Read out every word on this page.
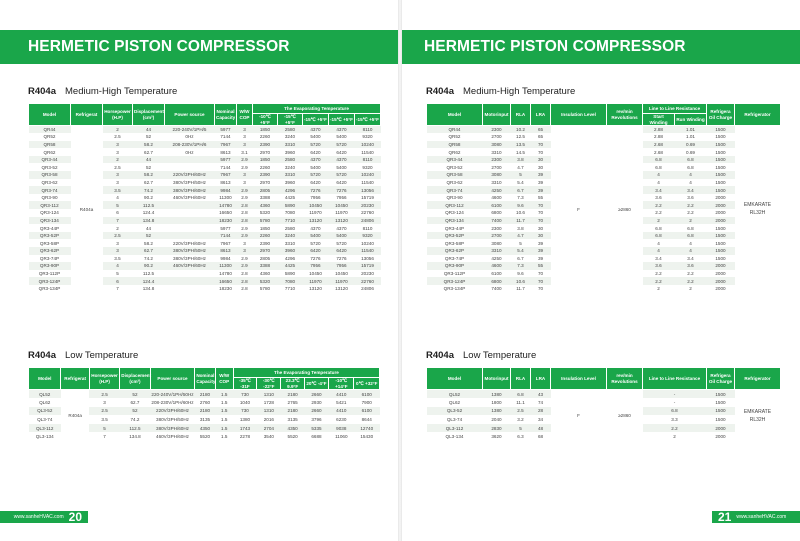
HERMETIC PISTON COMPRESSOR
R404a Medium-High Temperature
Model	Refrigerat	Horsepower (H.P)	Displacement (cm³)	Power source	Nominal Capacity	W/W COP	The Evaporating Temperature				
							-10℃ +5°F	-15℃ +5°F	-15℃ +5°F	-15℃ +5°F	-15℃ +5°F
QR44	R404a	2	44	220-240V/1PH/5	5977	3	1850	2580	4370	4370	8110
QR52		2.5	52	0Hz	7144	3	2260	3240	5400	5400	9320
QR58		3	58.2	208-230V/1PH/6	7967	3	2390	3310	5720	5720	10240
QR62		3	62.7	0Hz	8613	3.1	2970	3960	6420	6420	11540
QR3-44		2	44		5977	2.9	1850	2580	4370	4370	8110
QR3-52		2.5	52		7144	2.9	2260	3240	5400	5400	9320
QR3-58		3	58.2	220V/3PH/60Hz	7967	3	2390	3310	5720	5720	10240
QR3-62		3	62.7	380V/3PH/50Hz	8613	3	2970	3960	6420	6420	11540
QR3-74		3.5	74.2	380V/3PH/60Hz	9984	2.9	2805	4296	7276	7276	13056
QR3-90		4	90.2	460V/3PH/60Hz	11300	2.9	3388	4425	7956	7956	15719
QR3-112		5	112.5		14780	2.8	4360	5890	10450	10450	20230
QR3-124		6	124.4		16650	2.8	5320	7080	11970	11970	22760
QR3-134		7	134.8		18230	2.8	5780	7710	13120	13120	24806
QR3-44P		2	44		5977	2.9	1850	2580	4370	4370	8110
QR3-52P		2.5	52		7144	2.9	2260	3240	5400	5400	9320
QR3-58P		3	58.2	220V/3PH/60Hz	7967	3	2390	3310	5720	5720	10240
QR3-62P		3	62.7	380V/3PH/50Hz	8613	3	2970	3960	6420	6420	11540
QR3-74P		3.5	74.2	380V/3PH/60Hz	9984	2.9	2805	4296	7276	7276	13056
QR3-90P		4	90.2	460V/3PH/60Hz	11300	2.9	3388	4425	7956	7956	15719
QR3-112P		5	112.5		14780	2.8	4360	5890	10450	10450	20230
QR3-124P		6	124.4		16650	2.8	5320	7080	11970	11970	22760
QR3-134P		7	134.8		18230	2.8	5780	7710	13120	13120	24806
R404a Low Temperature
Model	Refrigerat	Horsepower (H.P)	Displacement (cm³)	Power source	Nominal Capacity	W/W COP	The Evaporating Temperature					
							-35℃ -31F	-30℃ -22°F	23.3℃ 9.9°F	20℃ -4°F	-10℃ +14°F	0℃ +32°F
QL52	R404a	2.5	52	220-240V/1PH/50Hz	2180	1.5	730	1310	2180	2660	4410	6100
QL62		3	62.7	208-230V/1PH/60Hz	2760	1.5	1040	1728	2765	2930	5421	7900
QL3-52		2.5	52	220V/3PH/60Hz	2180	1.5	730	1310	2180	2660	4410	6100
QL3-74		3.5	74.2	380V/3PH/50Hz	3135	1.5	1380	2016	3135	3796	6230	8644
QL3-112		5	112.5	380V/3PH/60Hz	4350	1.5	1743	2704	4350	5335	9038	12740
QL3-134		7	134.8	460V/3PH/60Hz	5520	1.5	2278	3540	5520	6688	11060	15430
www.sanheHVAC.com 20
HERMETIC PISTON COMPRESSOR
R404a Medium-High Temperature
Model	Motorinput	RLA	LRA	Insulation Level	rev/min Revolutions	Line to Line Resistance		Refrigera Oil Charge	Refrigerator
						Start Winding	Run Winding		
QR44	2300	10.2	65	F	≥2860	2.88	1.01	1500	EMKARATE
RL32H

QR52	2700	12.5	65			2.88	1.01	1500	
QR58	3080	13.5	70			2.68	0.69	1500	
QR62	3310	14.5	70			2.68	0.69	1500	
QR3-44	2300	3.8	30			6.8	6.8	1500	
QR3-52	2700	4.7	30			6.8	6.8	1500	
QR3-58	3080	5	39			4	4	1500	
QR3-62	3310	5.4	39			4	4	1500	
QR3-74	4250	6.7	39			3.4	3.4	1500	
QR3-90	4600	7.3	55			3.6	3.6	2000	
QR3-112	6100	9.6	70			2.2	2.2	2000	
QR3-124	6800	10.6	70			2.2	2.2	2000	
QR3-134	7400	11.7	70			2	2	2000	
QR3-44P	2300	3.8	30			6.8	6.8	1500	
QR3-52P	2700	4.7	30			6.8	6.8	1500	
QR3-58P	3080	5	39			4	4	1500	
QR3-62P	3310	5.4	39			4	4	1500	
QR3-74P	4250	6.7	39			3.4	3.4	1500	
QR3-90P	4600	7.3	55			3.6	3.6	2000	
QR3-112P	6100	9.6	70			2.2	2.2	2000	
QR3-124P	6800	10.6	70			2.2	2.2	2000	
QR3-134P	7400	11.7	70			2	2	2000	
R404a Low Temperature
Model	Motorinput	RLA	LRA	Insulation Level	rev/min Revolutions	Line to Line Resistance	Refrigera Oil Charge	Refrigerator
QL52	1380	6.8	43	F	≥2860	-	1500	EMKARATE
RL32H

QL62	1800	11.1	74			-	1500	
QL3-52	1380	2.5	28			6.8	1500	
QL3-74	2040	3.2	34			3.3	1500	
QL3-112	2830	5	48			2.2	2000	
QL3-134	3620	6.3	68			2	2000	
21 www.sanheHVAC.com
